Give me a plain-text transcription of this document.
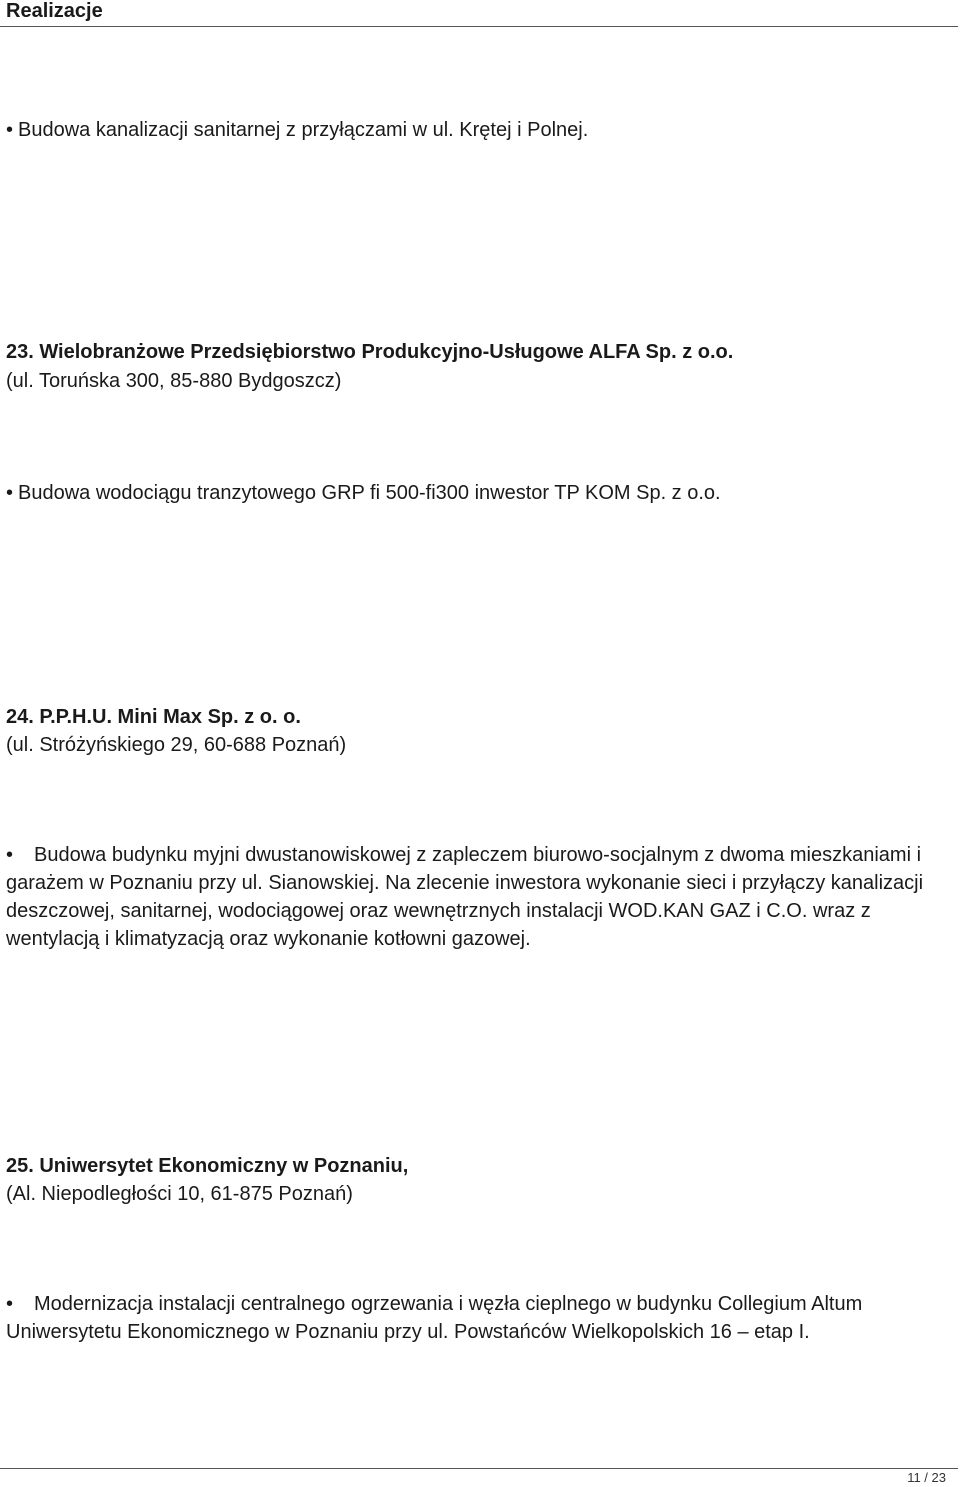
Realizacje
• Budowa kanalizacji sanitarnej z przyłączami w ul. Krętej i Polnej.
23. Wielobranżowe Przedsiębiorstwo Produkcyjno-Usługowe ALFA Sp. z o.o.
(ul. Toruńska 300, 85-880 Bydgoszcz)
• Budowa wodociągu tranzytowego GRP fi 500-fi300 inwestor TP KOM Sp. z o.o.
24. P.P.H.U. Mini Max Sp. z o. o.
(ul. Stróżyńskiego 29, 60-688 Poznań)
• Budowa budynku myjni dwustanowiskowej z zapleczem biurowo-socjalnym z dwoma mieszkaniami i garażem w Poznaniu przy ul. Sianowskiej. Na zlecenie inwestora wykonanie sieci i przyłączy kanalizacji deszczowej, sanitarnej, wodociągowej oraz wewnętrznych instalacji WOD.KAN GAZ i C.O. wraz z wentylacją i klimatyzacją oraz wykonanie kotłowni gazowej.
25. Uniwersytet Ekonomiczny w Poznaniu,
(Al. Niepodległości 10, 61-875 Poznań)
• Modernizacja instalacji centralnego ogrzewania i węzła cieplnego w budynku Collegium Altum Uniwersytetu Ekonomicznego w Poznaniu przy ul. Powstańców Wielkopolskich 16 – etap I.
11 / 23
